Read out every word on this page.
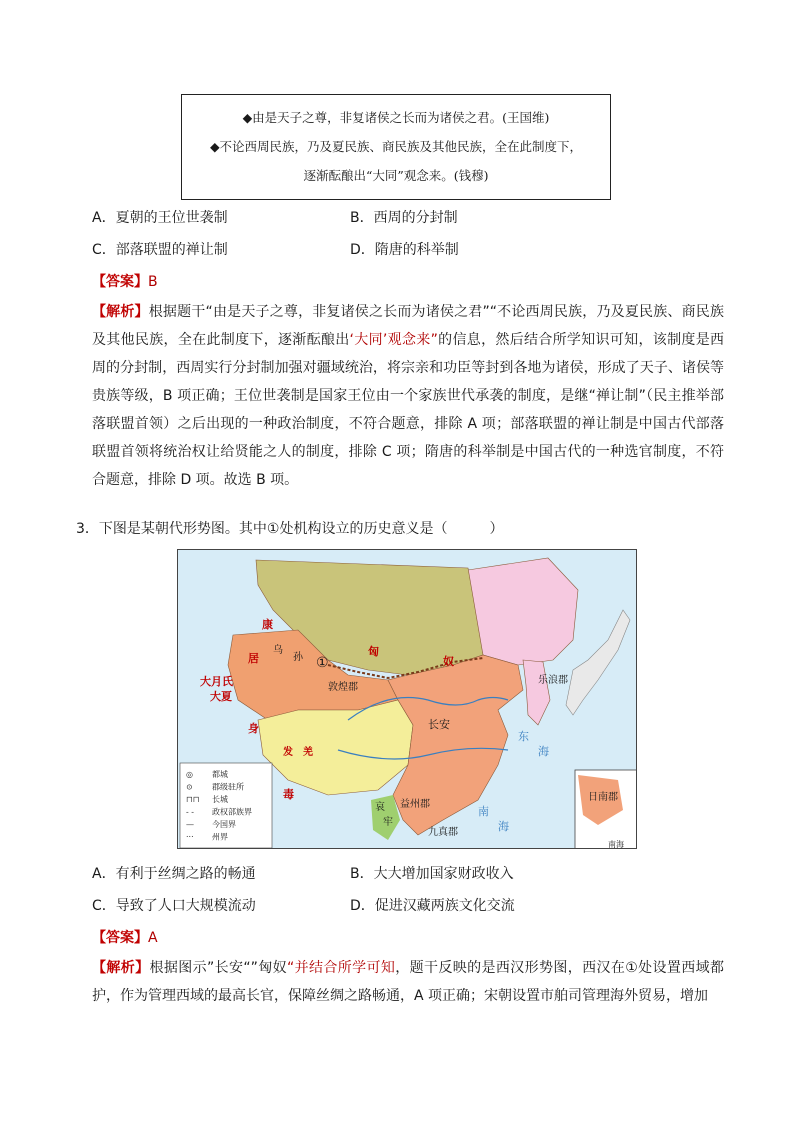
◆由是天子之尊，非复诸侯之长而为诸侯之君。(王国维)

◆不论西周民族，乃及夏民族、商民族及其他民族，全在此制度下，

逐渐酝酿出“大同”观念来。(钱穆)

A．夏朝的王位世袭制	B．西周的分封制
C．部落联盟的禅让制	D．隋唐的科举制
【答案】B
【解析】根据题干“由是天子之尊，非复诸侯之长而为诸侯之君”“不论西周民族，乃及夏民族、商民族及其他民族，全在此制度下，逐渐酝酿出‘大同’观念来”的信息，然后结合所学知识可知，该制度是西周的分封制，西周实行分封制加强对疆域统治，将宗亲和功臣等封到各地为诸侯，形成了天子、诸侯等贵族等级，B 项正确；王位世袭制是国家王位由一个家族世代承袭的制度，是继“禅让制”（民主推举部落联盟首领）之后出现的一种政治制度，不符合题意，排除 A 项；部落联盟的禅让制是中国古代部落联盟首领将统治权让给贤能之人的制度，排除 C 项；隋唐的科举制是中国古代的一种选官制度，不符合题意，排除 D 项。故选 B 项。
3．下图是某朝代形势图。其中①处机构设立的历史意义是（　　　）
◎ 都城
⊙ 郡级驻所
⊓⊓ 长城
- - 政权部族界
— 今国界
··· 州界
康
居
大月氏
大夏
身
毒
乌
孙 ①
匈
奴
敦煌郡
乐浪郡
长安
发 羌
哀
牢
益州郡
九真郡
日南郡
东
海
南
海
南海
A．有利于丝绸之路的畅通	B．大大增加国家财政收入
C．导致了人口大规模流动	D．促进汉藏两族文化交流
【答案】A
【解析】根据图示”长安“”匈奴“并结合所学可知，题干反映的是西汉形势图，西汉在①处设置西域都护，作为管理西域的最高长官，保障丝绸之路畅通，A 项正确；宋朝设置市舶司管理海外贸易，增加
